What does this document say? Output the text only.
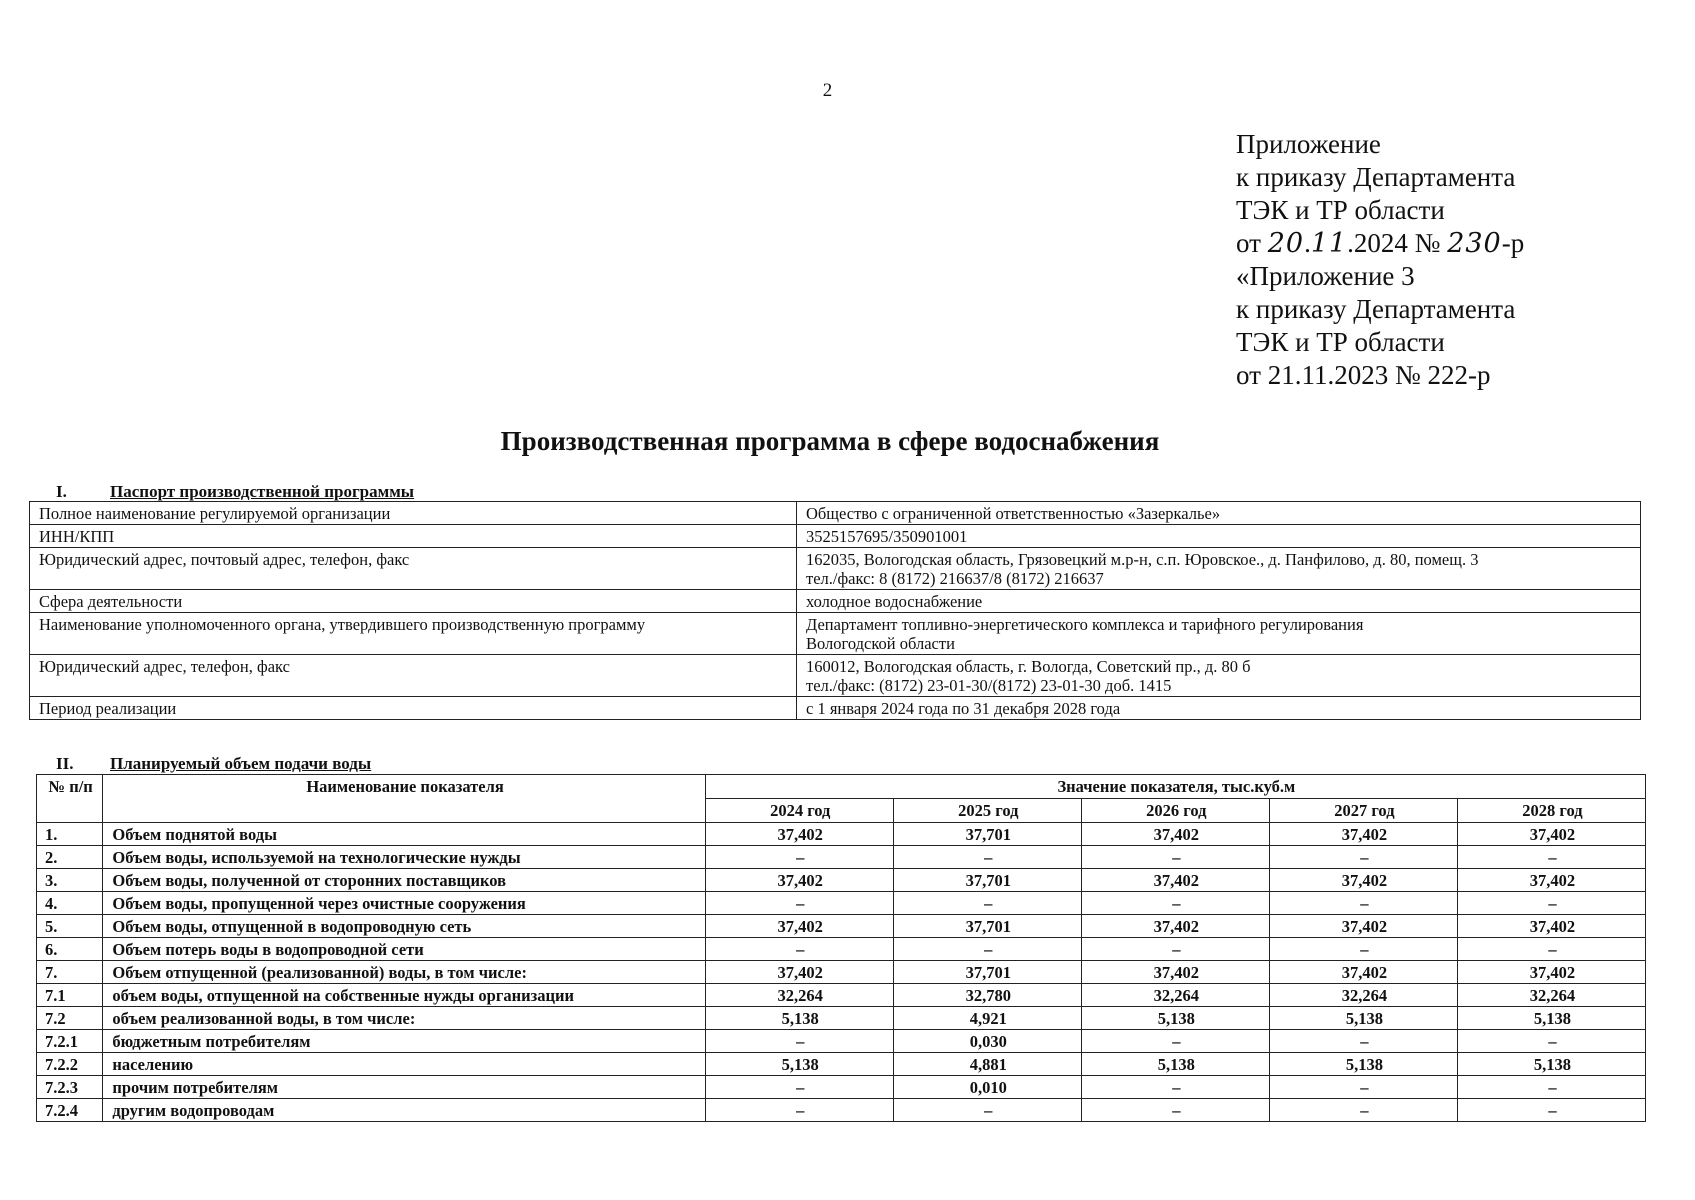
2
Приложение
к приказу Департамента
ТЭК и ТР области
от 20.11.2024 № 230-р
«Приложение 3
к приказу Департамента
ТЭК и ТР области
от 21.11.2023 № 222-р
Производственная программа в сфере водоснабжения
I.	Паспорт производственной программы
Полное наименование регулируемой организации	Общество с ограниченной ответственностью «Зазеркалье»

ИНН/КПП	3525157695/350901001

Юридический адрес, почтовый адрес, телефон, факс	162035, Вологодская область, Грязовецкий м.р-н, с.п. Юровское., д. Панфилово, д. 80, помещ. 3
тел./факс: 8 (8172) 216637/8 (8172) 216637

Сфера деятельности	холодное водоснабжение

Наименование уполномоченного органа, утвердившего производственную программу	Департамент топливно-энергетического комплекса и тарифного регулирования
Вологодской области

Юридический адрес, телефон, факс	160012, Вологодская область, г. Вологда, Советский пр., д. 80 б
тел./факс: (8172) 23-01-30/(8172) 23-01-30 доб. 1415

Период реализации	с 1 января 2024 года по 31 декабря 2028 года
II. Планируемый объем подачи воды
№ п/п	Наименование показателя	Значение показателя, тыс.куб.м				
		2024 год	2025 год	2026 год	2027 год	2028 год
1.	Объем поднятой воды	37,402	37,701	37,402	37,402	37,402
2.	Объем воды, используемой на технологические нужды	–	–	–	–	–
3.	Объем воды, полученной от сторонних поставщиков	37,402	37,701	37,402	37,402	37,402
4.	Объем воды, пропущенной через очистные сооружения	–	–	–	–	–
5.	Объем воды, отпущенной в водопроводную сеть	37,402	37,701	37,402	37,402	37,402
6.	Объем потерь воды в водопроводной сети	–	–	–	–	–
7.	Объем отпущенной (реализованной) воды, в том числе:	37,402	37,701	37,402	37,402	37,402
7.1	объем воды, отпущенной на собственные нужды организации	32,264	32,780	32,264	32,264	32,264
7.2	объем реализованной воды, в том числе:	5,138	4,921	5,138	5,138	5,138
7.2.1	бюджетным потребителям	–	0,030	–	–	–
7.2.2	населению	5,138	4,881	5,138	5,138	5,138
7.2.3	прочим потребителям	–	0,010	–	–	–
7.2.4	другим водопроводам	–	–	–	–	–
